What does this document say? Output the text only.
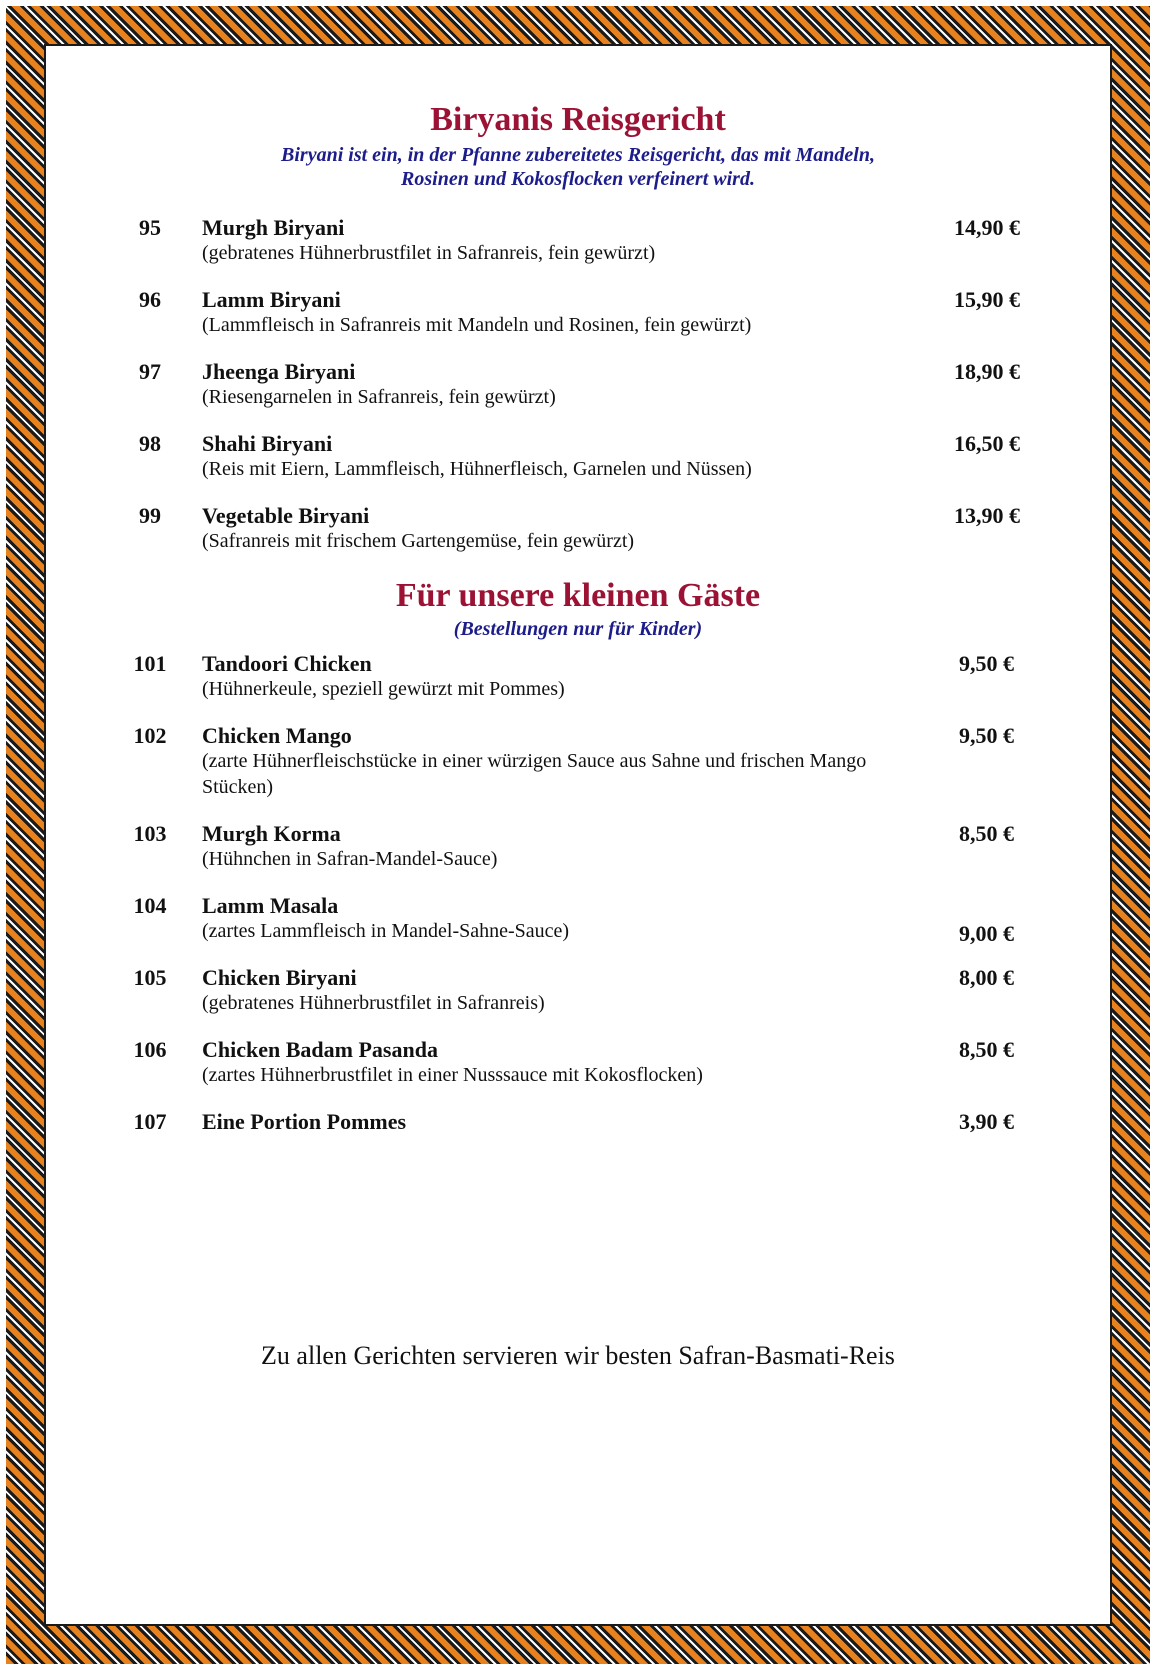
Biryanis Reisgericht
Biryani ist ein, in der Pfanne zubereitetes Reisgericht, das mit Mandeln,
Rosinen und Kokosflocken verfeinert wird.
95	Murgh Biryani
(gebratenes Hühnerbrustfilet in Safranreis, fein gewürzt)
14,90 €
96	Lamm Biryani
(Lammfleisch in Safranreis mit Mandeln und Rosinen, fein gewürzt)
15,90 €
97	Jheenga Biryani
(Riesengarnelen in Safranreis, fein gewürzt)
18,90 €
98	Shahi Biryani
(Reis mit Eiern, Lammfleisch, Hühnerfleisch, Garnelen und Nüssen)
16,50 €
99	Vegetable Biryani
(Safranreis mit frischem Gartengemüse, fein gewürzt)
13,90 €
Für unsere kleinen Gäste
(Bestellungen nur für Kinder)
101	Tandoori Chicken
(Hühnerkeule, speziell gewürzt mit Pommes)
9,50 €
102	Chicken Mango
(zarte Hühnerfleischstücke in einer würzigen Sauce aus Sahne und frischen Mango Stücken)
9,50 €
103	Murgh Korma
(Hühnchen in Safran-Mandel-Sauce)
8,50 €
104	Lamm Masala
(zartes Lammfleisch in Mandel-Sahne-Sauce)	9,00 €
105	Chicken Biryani
(gebratenes Hühnerbrustfilet in Safranreis)
8,00 €
106	Chicken Badam Pasanda
(zartes Hühnerbrustfilet in einer Nusssauce mit Kokosflocken)
8,50 €
107	Eine Portion Pommes	3,90 €
Zu allen Gerichten servieren wir besten Safran-Basmati-Reis
